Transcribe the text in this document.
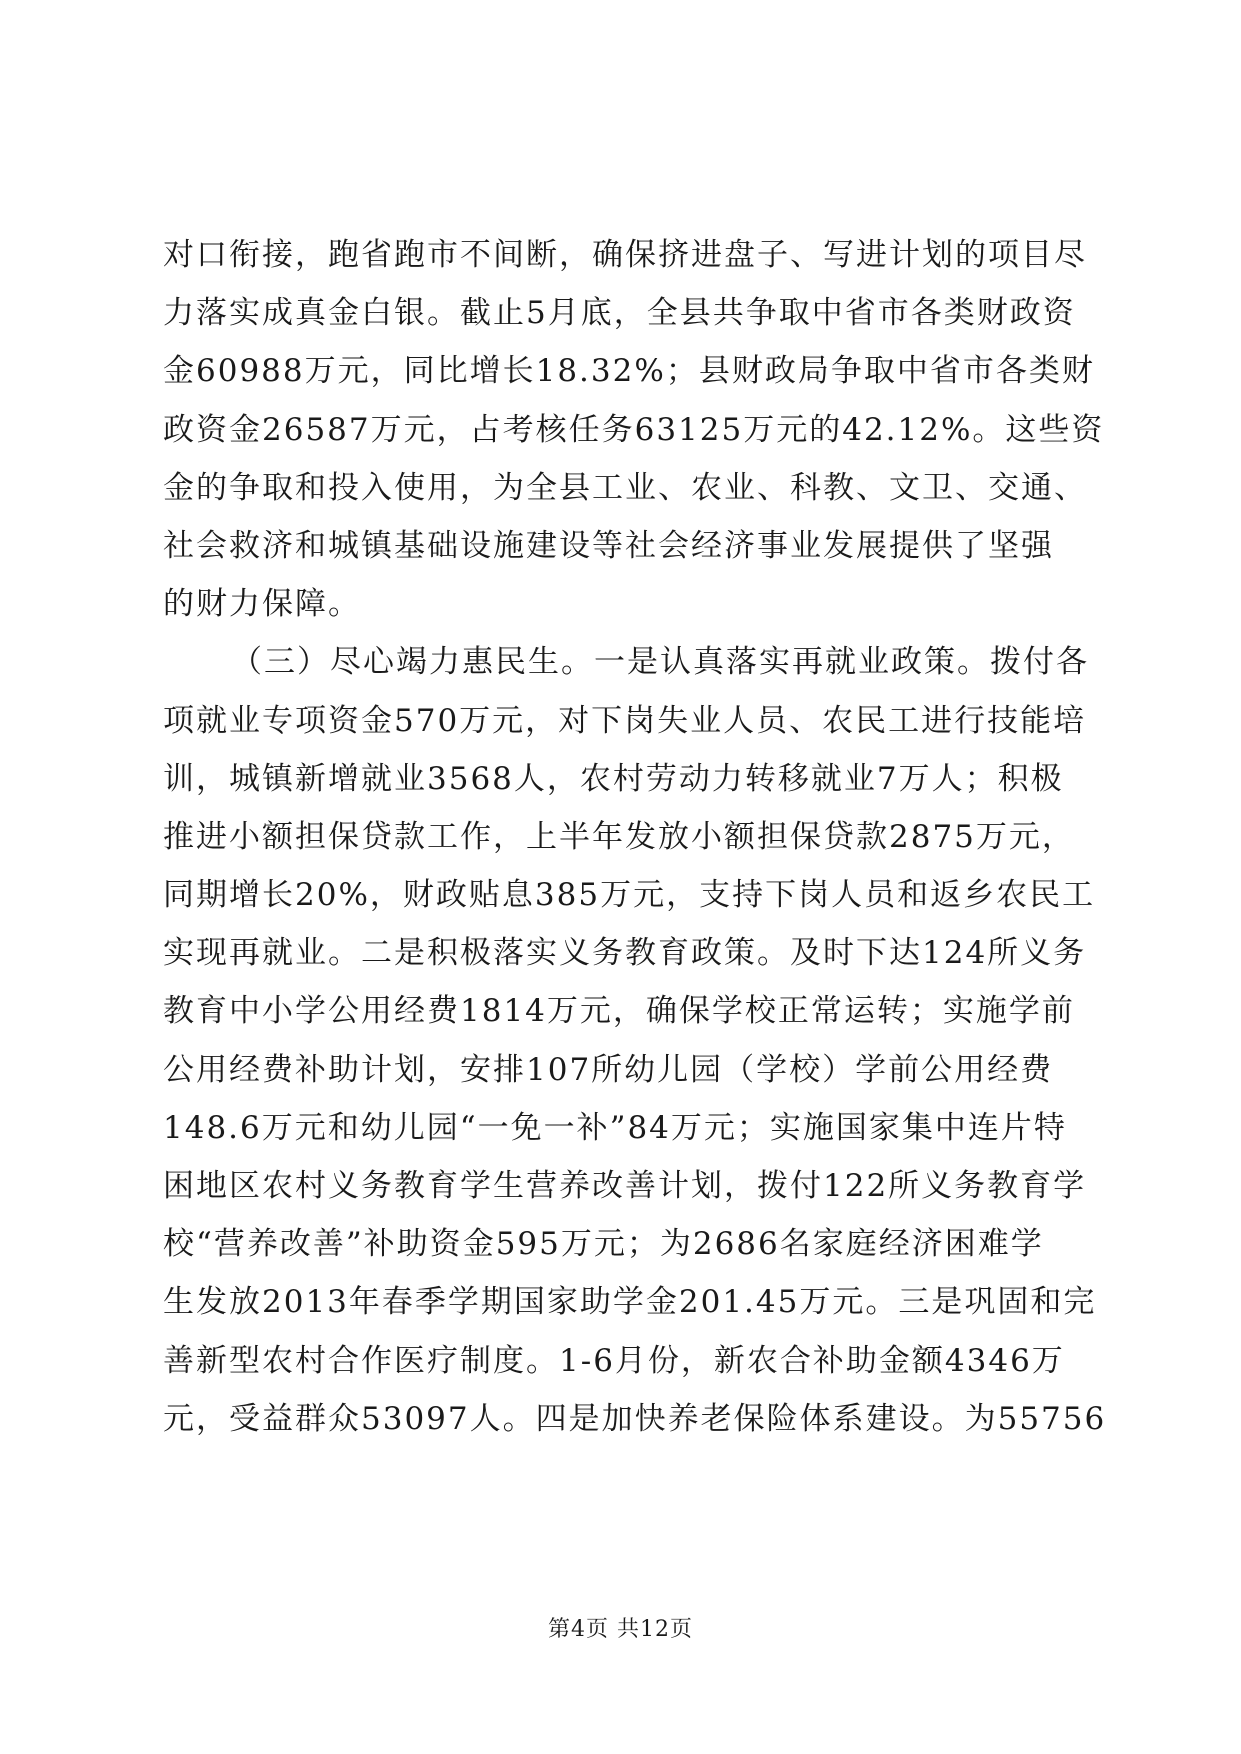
对口衔接，跑省跑市不间断，确保挤进盘子、写进计划的项目尽
力落实成真金白银。截止5月底，全县共争取中省市各类财政资
金60988万元，同比增长18.32%；县财政局争取中省市各类财
政资金26587万元，占考核任务63125万元的42.12%。这些资
金的争取和投入使用，为全县工业、农业、科教、文卫、交通、
社会救济和城镇基础设施建设等社会经济事业发展提供了坚强
的财力保障。
（三）尽心竭力惠民生。一是认真落实再就业政策。拨付各
项就业专项资金570万元，对下岗失业人员、农民工进行技能培
训，城镇新增就业3568人，农村劳动力转移就业7万人；积极
推进小额担保贷款工作，上半年发放小额担保贷款2875万元，
同期增长20%，财政贴息385万元，支持下岗人员和返乡农民工
实现再就业。二是积极落实义务教育政策。及时下达124所义务
教育中小学公用经费1814万元，确保学校正常运转；实施学前
公用经费补助计划，安排107所幼儿园（学校）学前公用经费
148.6万元和幼儿园“一免一补”84万元；实施国家集中连片特
困地区农村义务教育学生营养改善计划，拨付122所义务教育学
校“营养改善”补助资金595万元；为2686名家庭经济困难学
生发放2013年春季学期国家助学金201.45万元。三是巩固和完
善新型农村合作医疗制度。1-6月份，新农合补助金额4346万
元，受益群众53097人。四是加快养老保险体系建设。为55756
第4页 共12页
